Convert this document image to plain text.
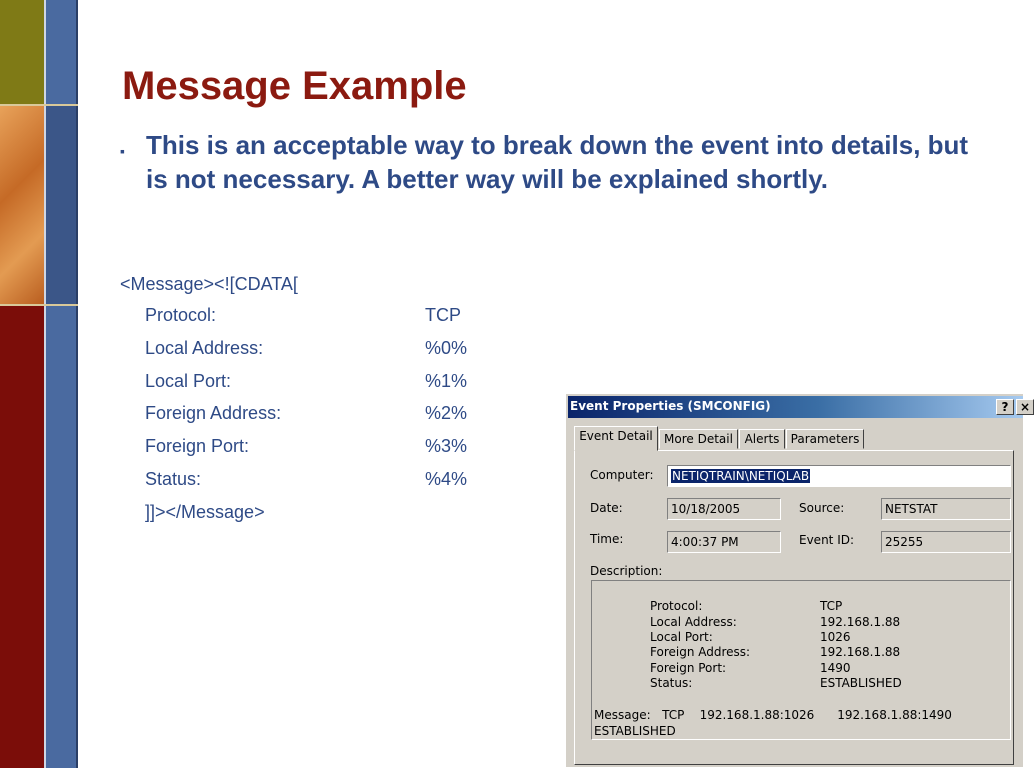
Message Example
▪ This is an acceptable way to break down the event into details, but is not necessary. A better way will be explained shortly.
<Message><![CDATA[
Protocol:	TCP
Local Address:	%0%
Local Port:	%1%
Foreign Address:	%2%
Foreign Port:	%3%
Status:	%4%
]]></Message>
Event Properties (SMCONFIG)	? ×
Event Detail More Detail Alerts Parameters
Computer:	NETIQTRAIN\NETIQLAB
Date:	10/18/2005	Source:	NETSTAT
Time:	4:00:37 PM	Event ID:	25255
Description:
Protocol:	TCP
Local Address:	192.168.1.88
Local Port:	1026
Foreign Address:	192.168.1.88
Foreign Port:	1490
Status:	ESTABLISHED
Message:   TCP    192.168.1.88:1026      192.168.1.88:1490
ESTABLISHED
